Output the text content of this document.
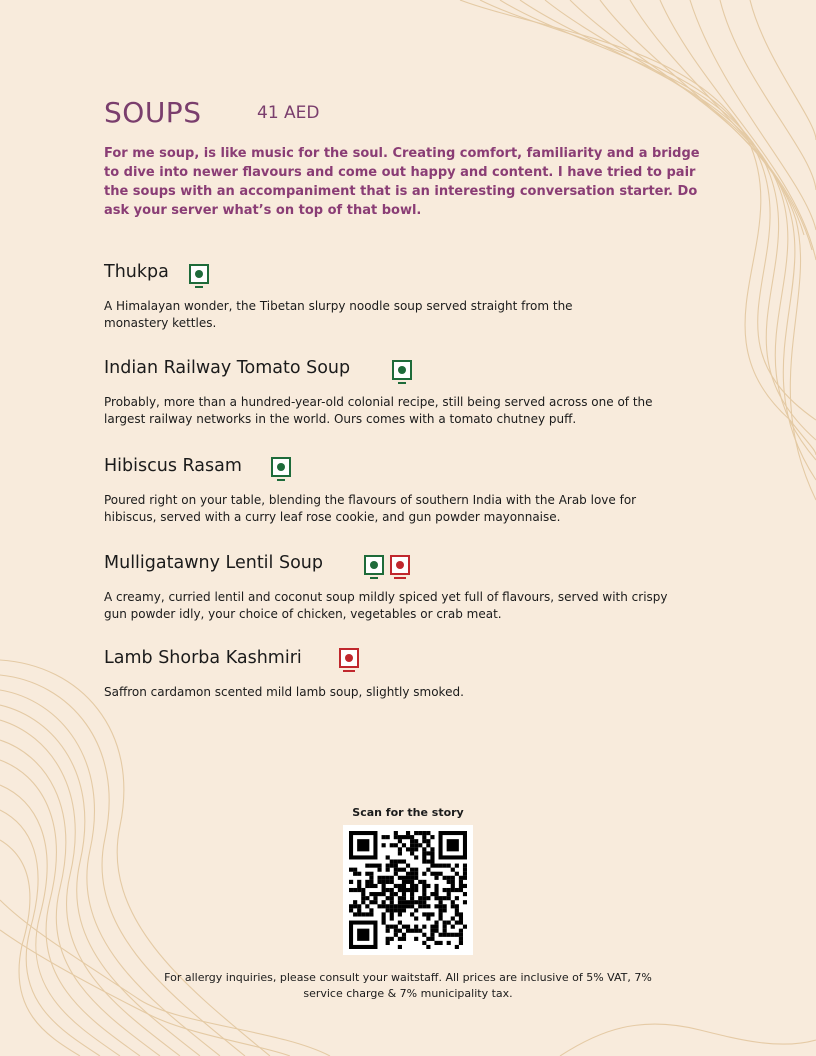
SOUPS	41 AED
For me soup, is like music for the soul. Creating comfort, familiarity and a bridge to dive into newer flavours and come out happy and content. I have tried to pair the soups with an accompaniment that is an interesting conversation starter. Do ask your server what’s on top of that bowl.
Thukpa
A Himalayan wonder, the Tibetan slurpy noodle soup served straight from the monastery kettles.
Indian Railway Tomato Soup
Probably, more than a hundred-year-old colonial recipe, still being served across one of the largest railway networks in the world. Ours comes with a tomato chutney puff.
Hibiscus Rasam
Poured right on your table, blending the flavours of southern India with the Arab love for hibiscus, served with a curry leaf rose cookie, and gun powder mayonnaise.
Mulligatawny Lentil Soup
A creamy, curried lentil and coconut soup mildly spiced yet full of flavours, served with crispy gun powder idly, your choice of chicken, vegetables or crab meat.
Lamb Shorba Kashmiri
Saffron cardamon scented mild lamb soup, slightly smoked.
Scan for the story
For allergy inquiries, please consult your waitstaff. All prices are inclusive of 5% VAT, 7% service charge & 7% municipality tax.
